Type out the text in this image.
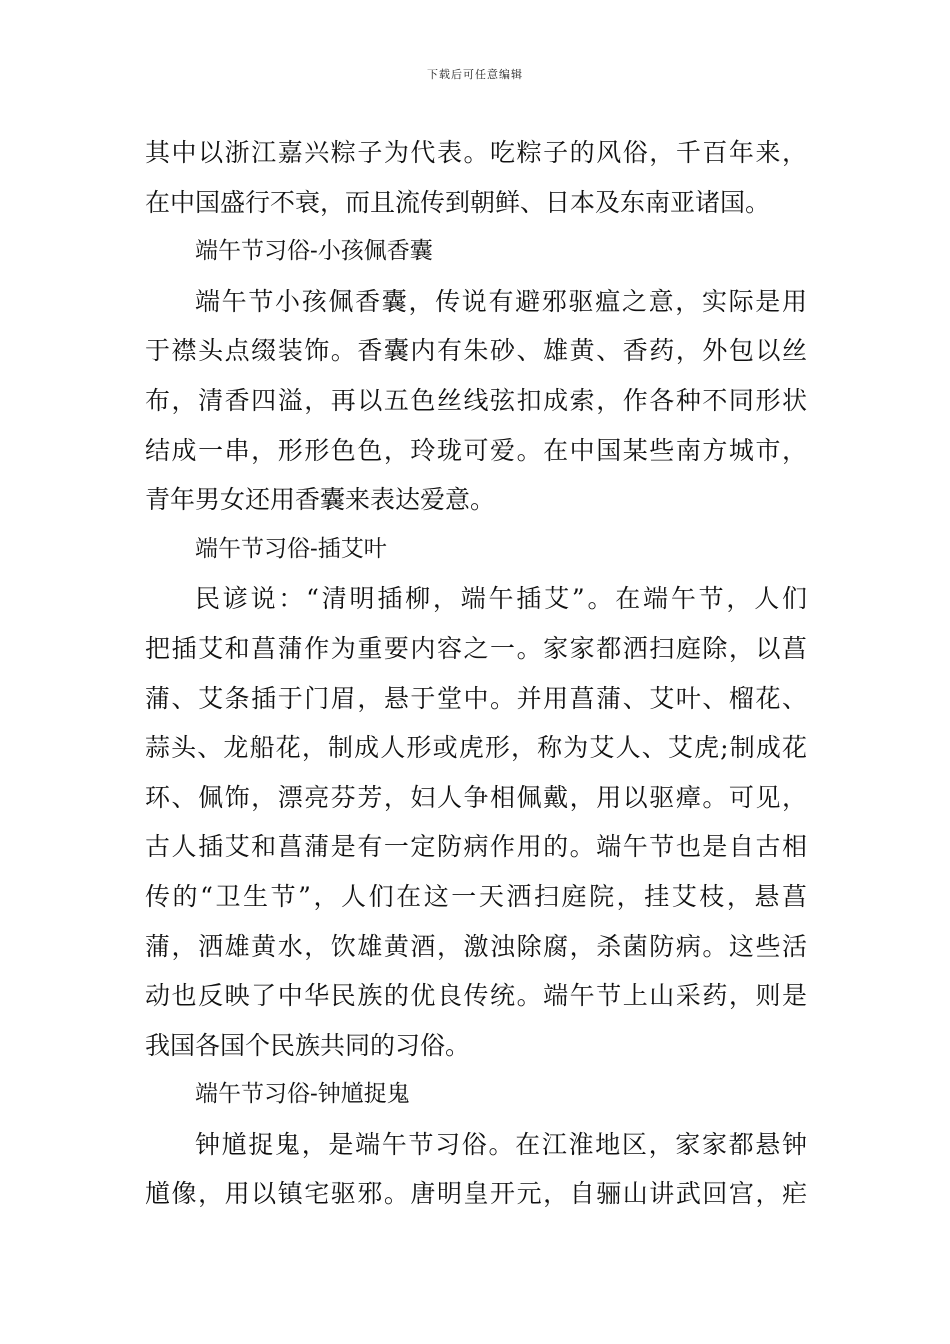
下载后可任意编辑
其中以浙江嘉兴粽子为代表。吃粽子的风俗，千百年来，
在中国盛行不衰，而且流传到朝鲜、日本及东南亚诸国。
端午节习俗-小孩佩香囊
端午节小孩佩香囊，传说有避邪驱瘟之意，实际是用
于襟头点缀装饰。香囊内有朱砂、雄黄、香药，外包以丝
布，清香四溢，再以五色丝线弦扣成索，作各种不同形状
结成一串，形形色色，玲珑可爱。在中国某些南方城市，
青年男女还用香囊来表达爱意。
端午节习俗-插艾叶
民谚说：“清明插柳，端午插艾”。在端午节，人们
把插艾和菖蒲作为重要内容之一。家家都洒扫庭除，以菖
蒲、艾条插于门眉，悬于堂中。并用菖蒲、艾叶、榴花、
蒜头、龙船花，制成人形或虎形，称为艾人、艾虎;制成花
环、佩饰，漂亮芬芳，妇人争相佩戴，用以驱瘴。可见，
古人插艾和菖蒲是有一定防病作用的。端午节也是自古相
传的“卫生节”，人们在这一天洒扫庭院，挂艾枝，悬菖
蒲，洒雄黄水，饮雄黄酒，激浊除腐，杀菌防病。这些活
动也反映了中华民族的优良传统。端午节上山采药，则是
我国各国个民族共同的习俗。
端午节习俗-钟馗捉鬼
钟馗捉鬼，是端午节习俗。在江淮地区，家家都悬钟
馗像，用以镇宅驱邪。唐明皇开元，自骊山讲武回宫，疟
